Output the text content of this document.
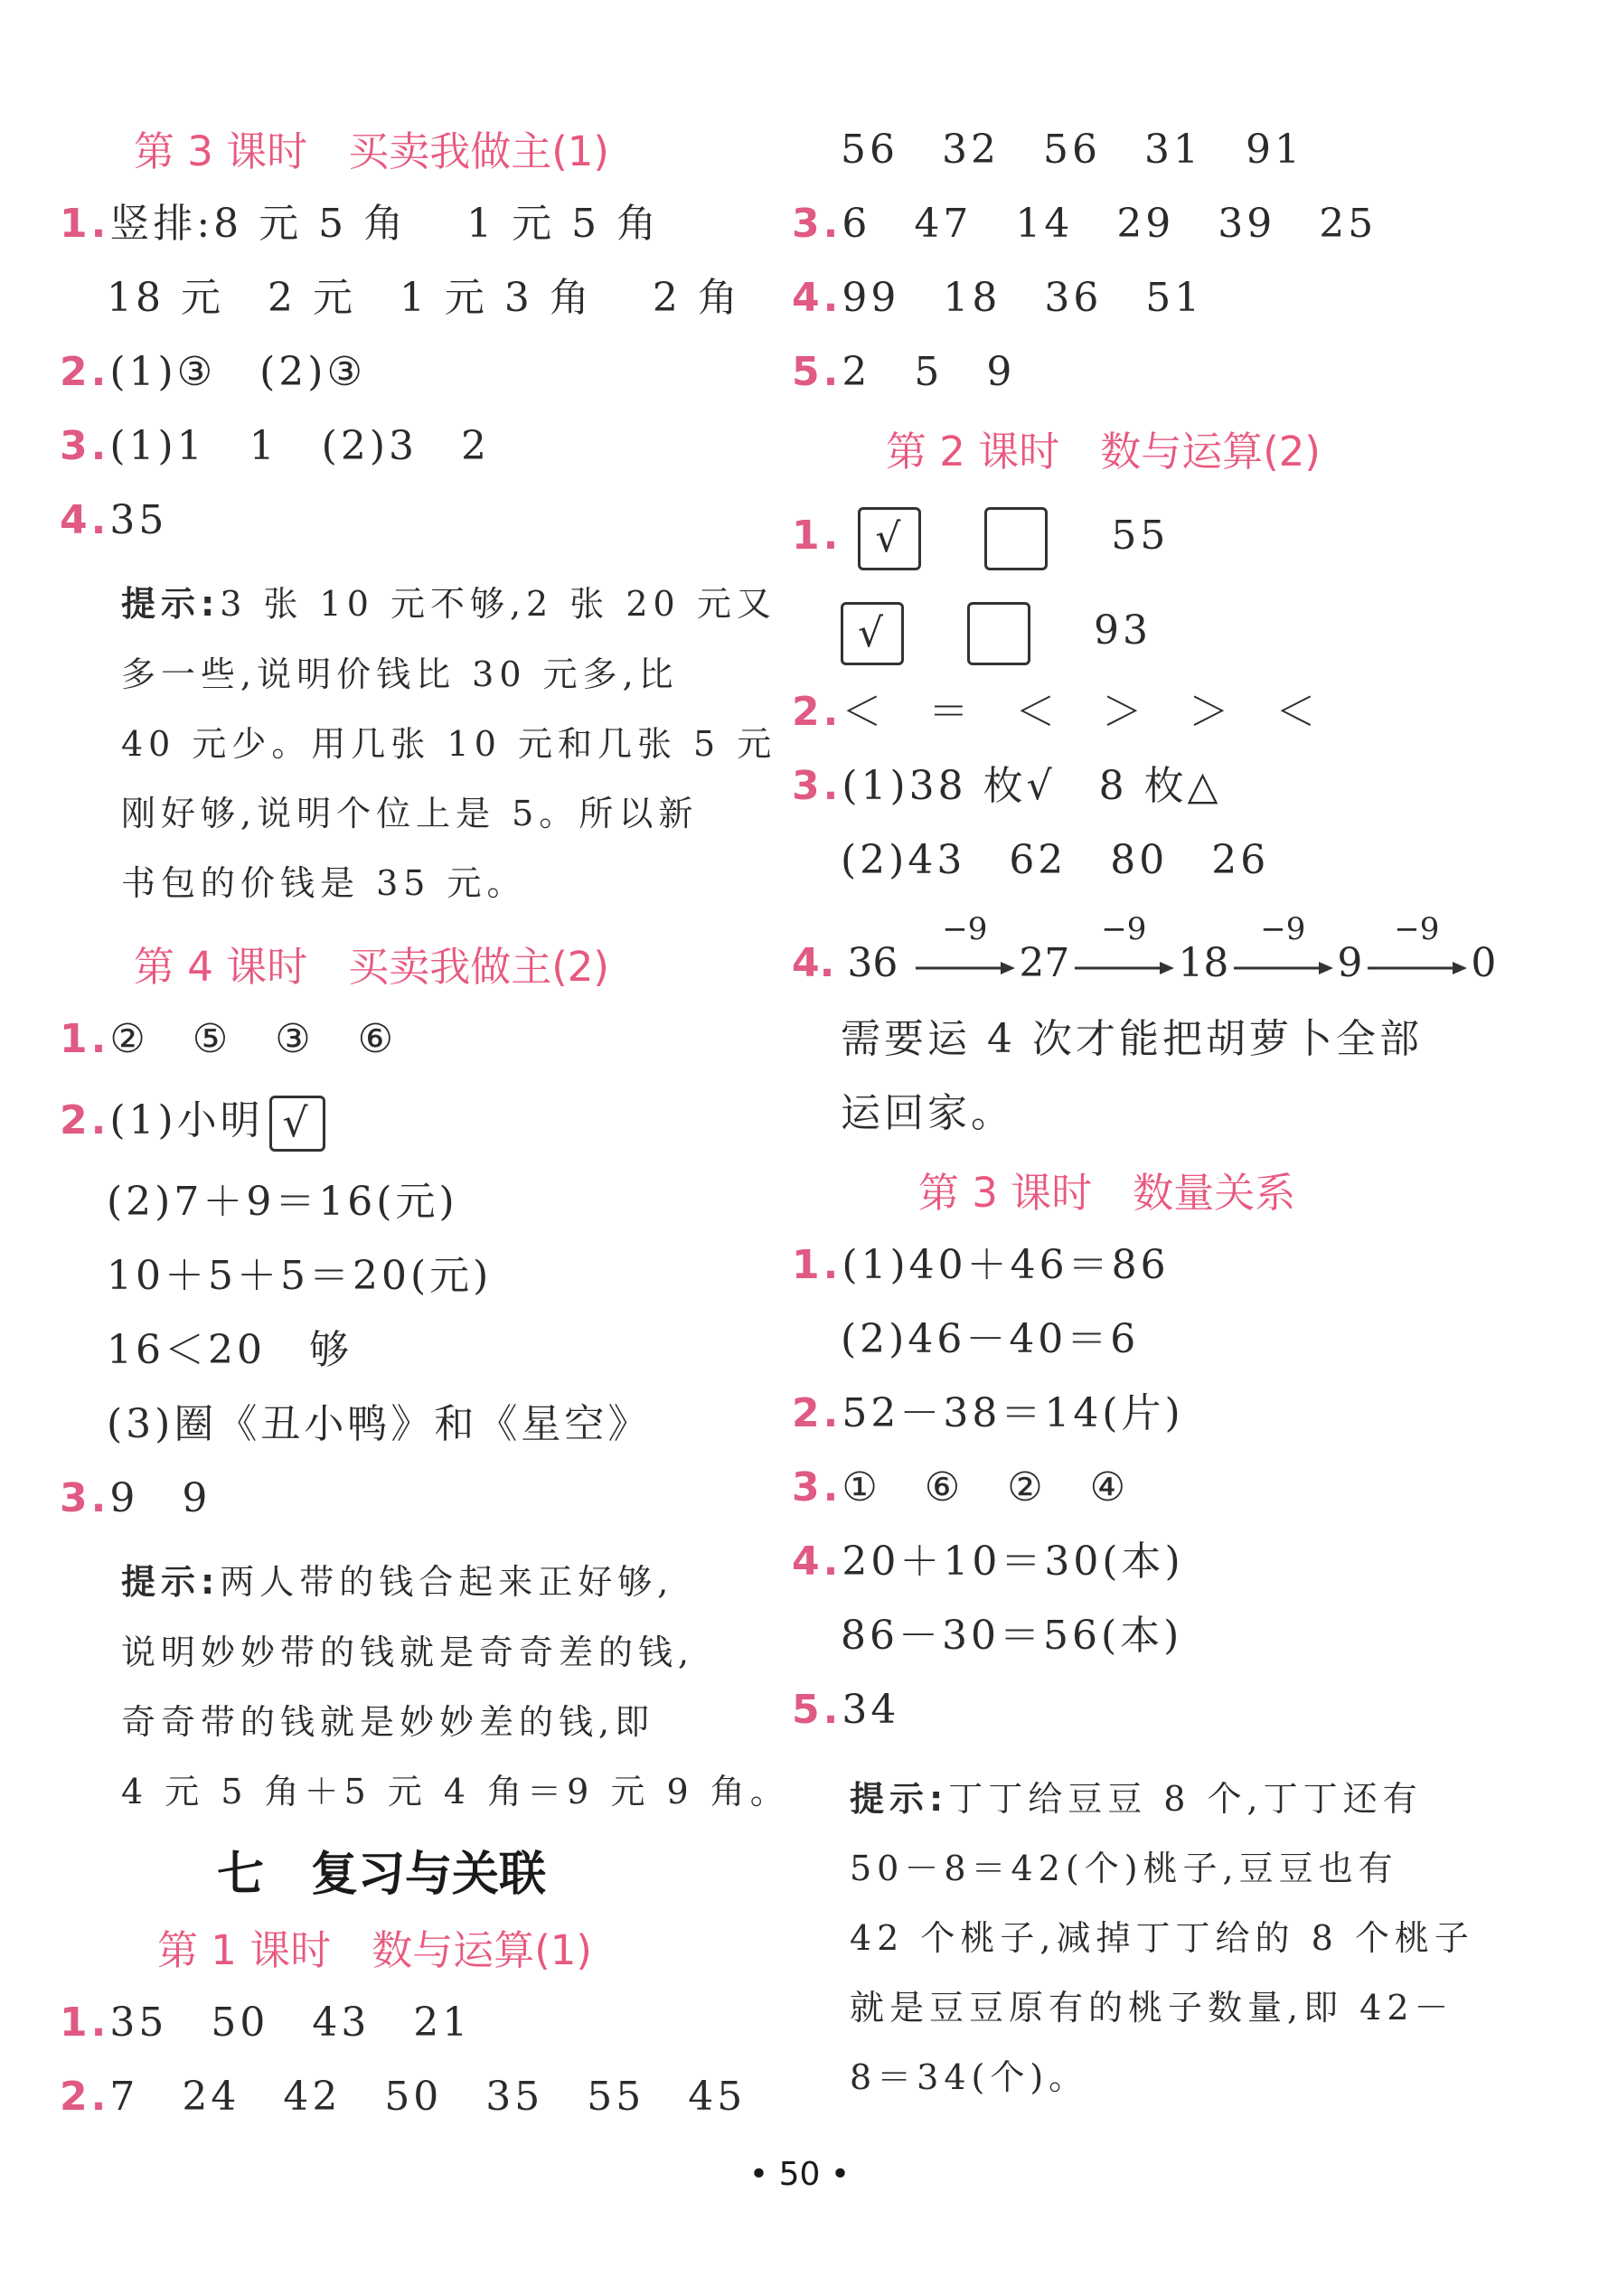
第 3 课时　买卖我做主(1)
1.竖排:8 元 5 角　 1 元 5 角
18 元　2 元　1 元 3 角　 2 角
2.(1)③　(2)③
3.(1)1　1　(2)3　2
4.35
提示:3 张 10 元不够,2 张 20 元又
多一些,说明价钱比 30 元多,比
40 元少。用几张 10 元和几张 5 元
刚好够,说明个位上是 5。所以新
书包的价钱是 35 元。
第 4 课时　买卖我做主(2)
1.②　⑤　③　⑥
2.(1)小明 √
(2)7＋9＝16(元)
10＋5＋5＝20(元)
16＜20　够
(3)圈《丑小鸭》和《星空》
3.9　9
提示:两人带的钱合起来正好够,
说明妙妙带的钱就是奇奇差的钱,
奇奇带的钱就是妙妙差的钱,即
4 元 5 角＋5 元 4 角＝9 元 9 角。
七　复习与关联
第 1 课时　数与运算(1)
1.35　50　43　21
2.7　24　42　50　35　55　45
56　32　56　31　91
3.6　47　14　29　39　25
4.99　18　36　51
5.2　5　9
第 2 课时　数与运算(2)
1. √	55
√	93
2.＜　＝　＜　＞　＞　＜
3.(1)38 枚√　8 枚△
(2)43　62　80　26
4. 36
−9
27
−9
18
−9
9
−9
0
需要运 4 次才能把胡萝卜全部
运回家。
第 3 课时　数量关系
1.(1)40＋46＝86
(2)46－40＝6
2.52－38＝14(片)
3.①　⑥　②　④
4.20＋10＝30(本)
86－30＝56(本)
5.34
提示:丁丁给豆豆 8 个,丁丁还有
50－8＝42(个)桃子,豆豆也有
42 个桃子,减掉丁丁给的 8 个桃子
就是豆豆原有的桃子数量,即 42－
8＝34(个)。
• 50 •
